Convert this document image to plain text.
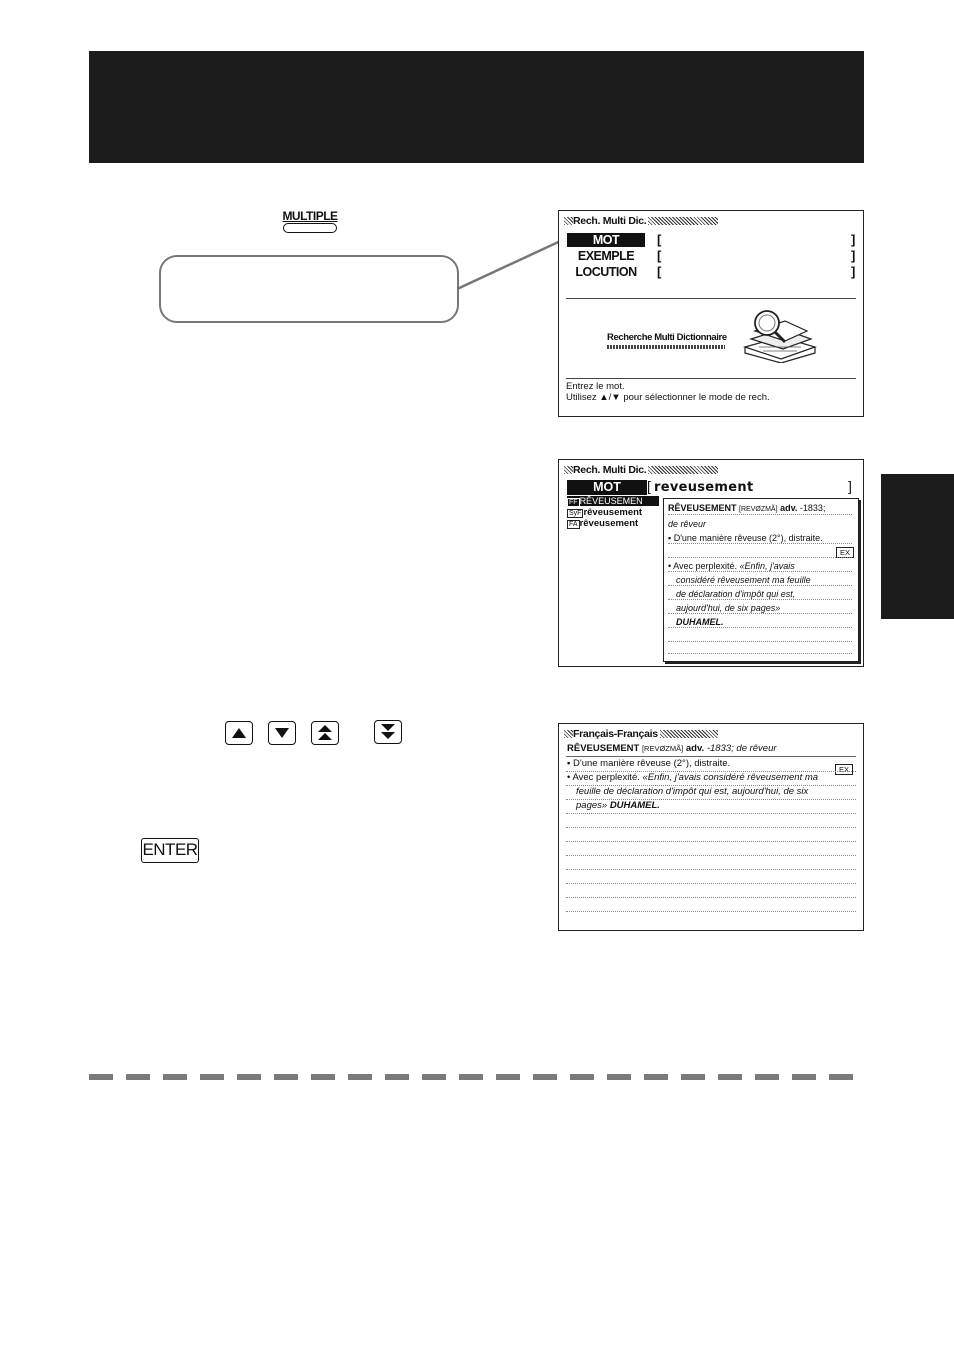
MULTIPLE
ENTER
Rech. Multi Dic.
MOT	[	]
EXEMPLE [	]
LOCUTION [	]
Recherche Multi Dictionnaire
Entrez le mot.
Utilisez ▲/▼ pour sélectionner le mode de rech.
Rech. Multi Dic.
MOT	[ reveusement	]
FF RÊVEUSEMEN
SyF rêveusement
FA rêveusement
RÊVEUSEMENT [REVØZMÃ] adv. -1833;
de rêveur
▪ D'une manière rêveuse (2°), distraite.
EX
• Avec perplexité. «Enfin, j'avais
considéré rêveusement ma feuille
de déclaration d'impôt qui est,
aujourd'hui, de six pages»
DUHAMEL.
Français-Français
RÊVEUSEMENT [REVØZMÃ] adv. -1833; de rêveur
▪ D'une manière rêveuse (2°), distraite.
EX
• Avec perplexité. «Enfin, j'avais considéré rêveusement ma
feuille de déclaration d'impôt qui est, aujourd'hui, de six
pages» DUHAMEL.
